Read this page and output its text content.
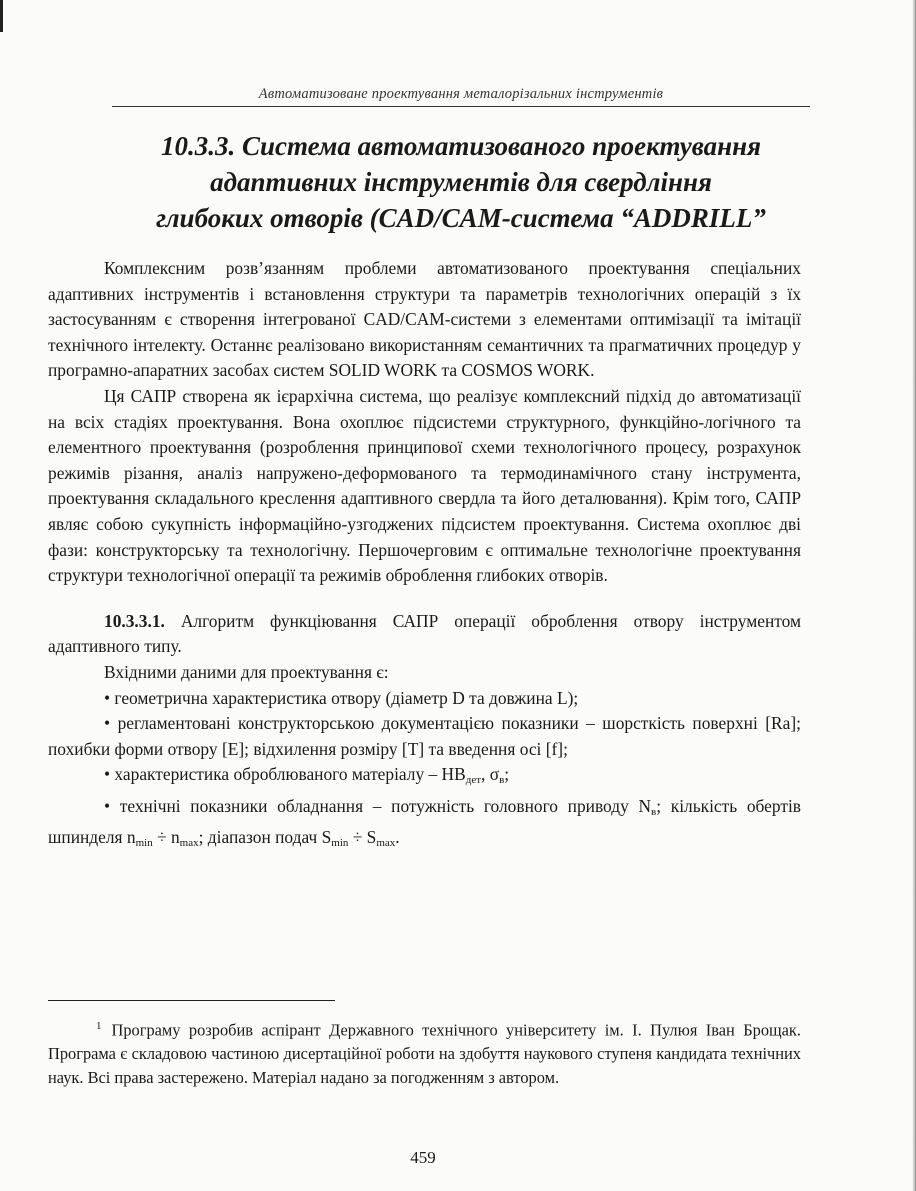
Автоматизоване проектування металорізальних інструментів
10.3.3. Система автоматизованого проектування
адаптивних інструментів для свердління
глибоких отворів (CAD/CAM-система “ADDRILL”

Комплексним розв’язанням проблеми автоматизованого проектування спеціальних адаптивних інструментів і встановлення структури та параметрів технологічних операцій з їх застосуванням є створення інтегрованої CAD/CAM-системи з елементами оптимізації та імітації технічного інтелекту. Останнє реалізовано використанням семантичних та прагматичних процедур у програмно-апаратних засобах систем SOLID WORK та COSMOS WORK.

Ця САПР створена як ієрархічна система, що реалізує комплексний підхід до автоматизації на всіх стадіях проектування. Вона охоплює підсистеми структурного, функційно-логічного та елементного проектування (розроблення принципової схеми технологічного процесу, розрахунок режимів різання, аналіз напружено-деформованого та термодинамічного стану інструмента, проектування складального креслення адаптивного свердла та його деталювання). Крім того, САПР являє собою сукупність інформаційно-узгоджених підсистем проектування. Система охоплює дві фази: конструкторську та технологічну. Першочерговим є оптимальне технологічне проектування структури технологічної операції та режимів оброблення глибоких отворів.

10.3.3.1. Алгоритм функціювання САПР операції оброблення отвору інструментом адаптивного типу.

Вхідними даними для проектування є:

• геометрична характеристика отвору (діаметр D та довжина L);

• регламентовані конструкторською документацією показники – шорсткість поверхні [Ra]; похибки форми отвору [E]; відхилення розміру [T] та введення осі [f];

• характеристика оброблюваного матеріалу – $HB_{дет}$, $\sigma_в$;

• технічні показники обладнання – потужність головного приводу $N_в$; кількість обертів шпинделя $n_{min} \div n_{max}$; діапазон подач $S_{min} \div S_{max}$.

$^1$ Програму розробив аспірант Державного технічного університету ім. І. Пулюя Іван Брощак. Програма є складовою частиною дисертаційної роботи на здобуття наукового ступеня кандидата технічних наук. Всі права застережено. Матеріал надано за погодженням з автором.

459
